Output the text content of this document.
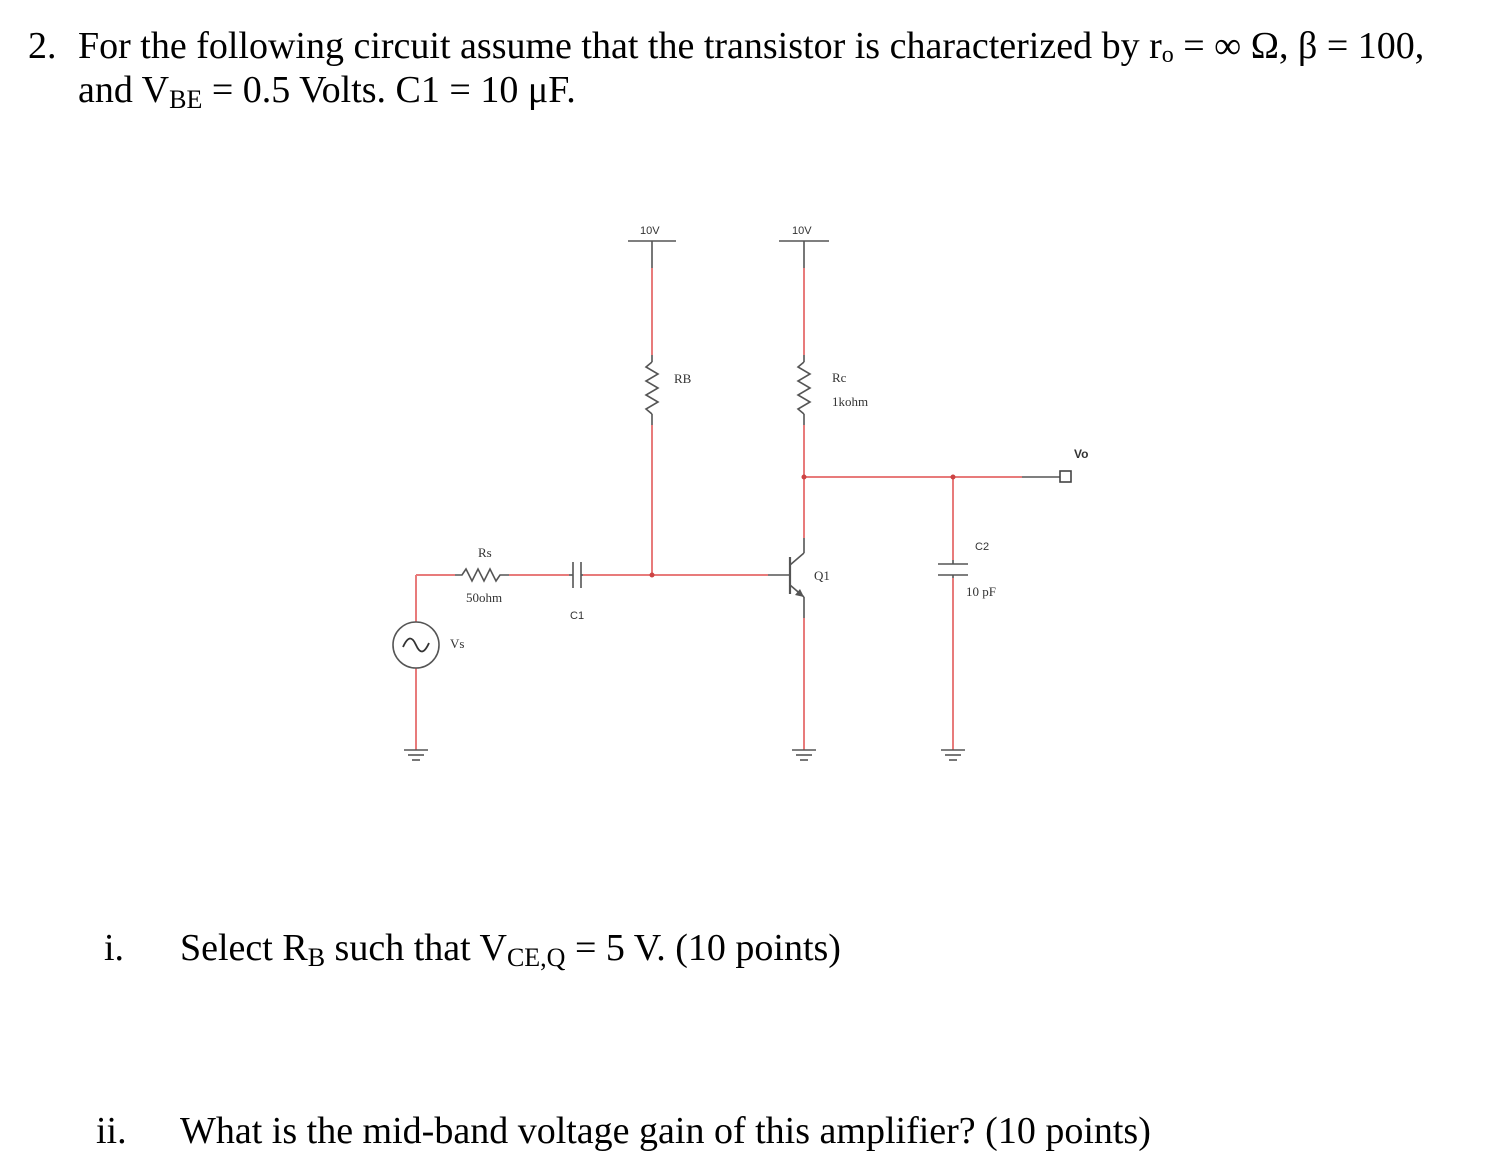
2. For the following circuit assume that the transistor is characterized by ro = ∞ Ω, β = 100,
and VBE = 0.5 Volts. C1 = 10 μF.
10V	10V
RB	Rc
1kohm
Vo
C2
10 pF
Q1
C1
Rs
50ohm
Vs
i. Select RB such that VCE,Q = 5 V. (10 points)
ii. What is the mid-band voltage gain of this amplifier? (10 points)
